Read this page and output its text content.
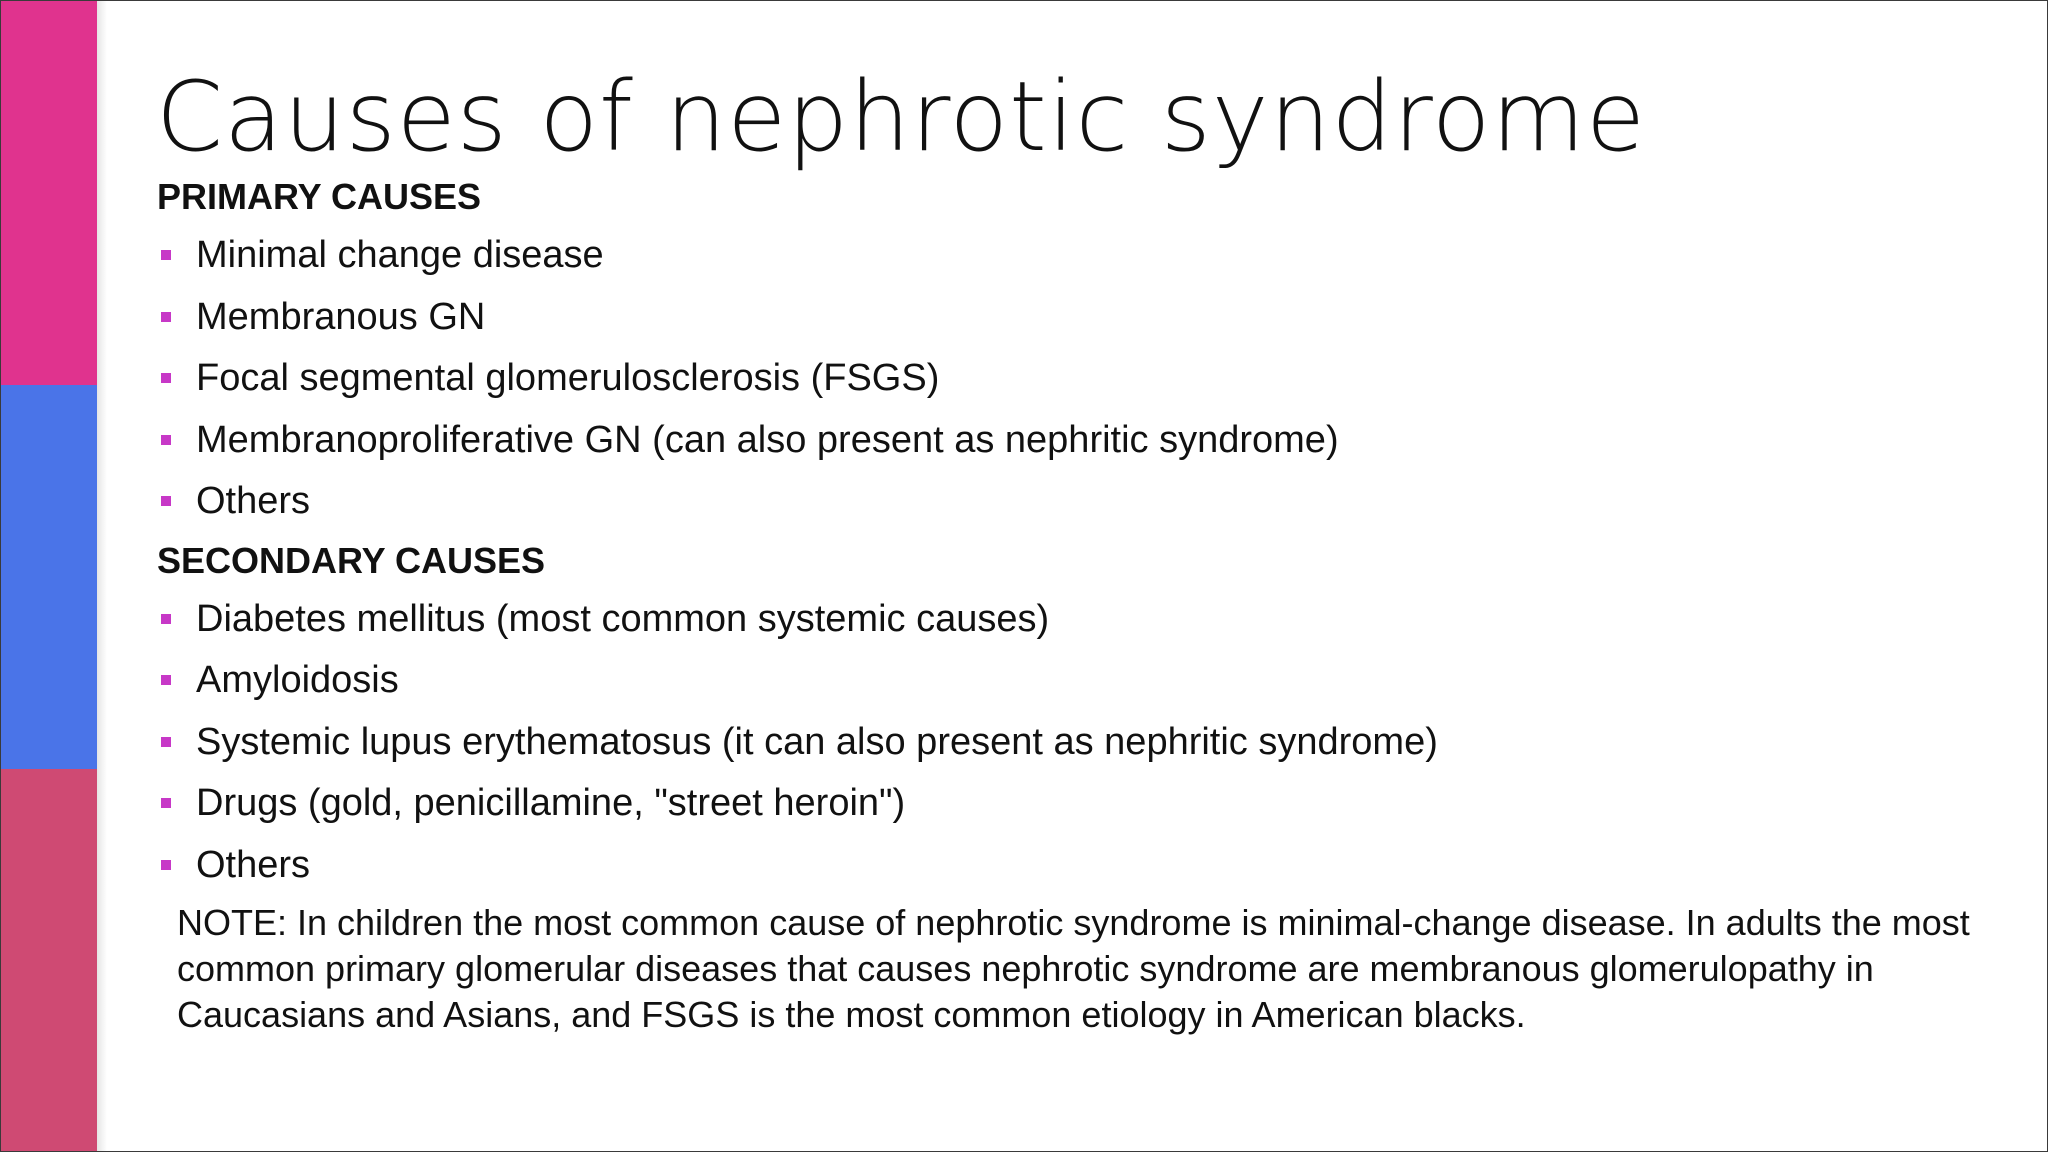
Causes of nephrotic syndrome
PRIMARY CAUSES
Minimal change disease
Membranous GN
Focal segmental glomerulosclerosis (FSGS)
Membranoproliferative GN (can also present as nephritic syndrome)
Others
SECONDARY CAUSES
Diabetes mellitus (most common systemic causes)
Amyloidosis
Systemic lupus erythematosus (it can also present as nephritic syndrome)
Drugs (gold, penicillamine, "street heroin")
Others

NOTE: In children the most common cause of nephrotic syndrome is minimal-change disease. In adults the most common primary glomerular diseases that causes nephrotic syndrome are membranous glomerulopathy in Caucasians and Asians, and FSGS is the most common etiology in American blacks.
